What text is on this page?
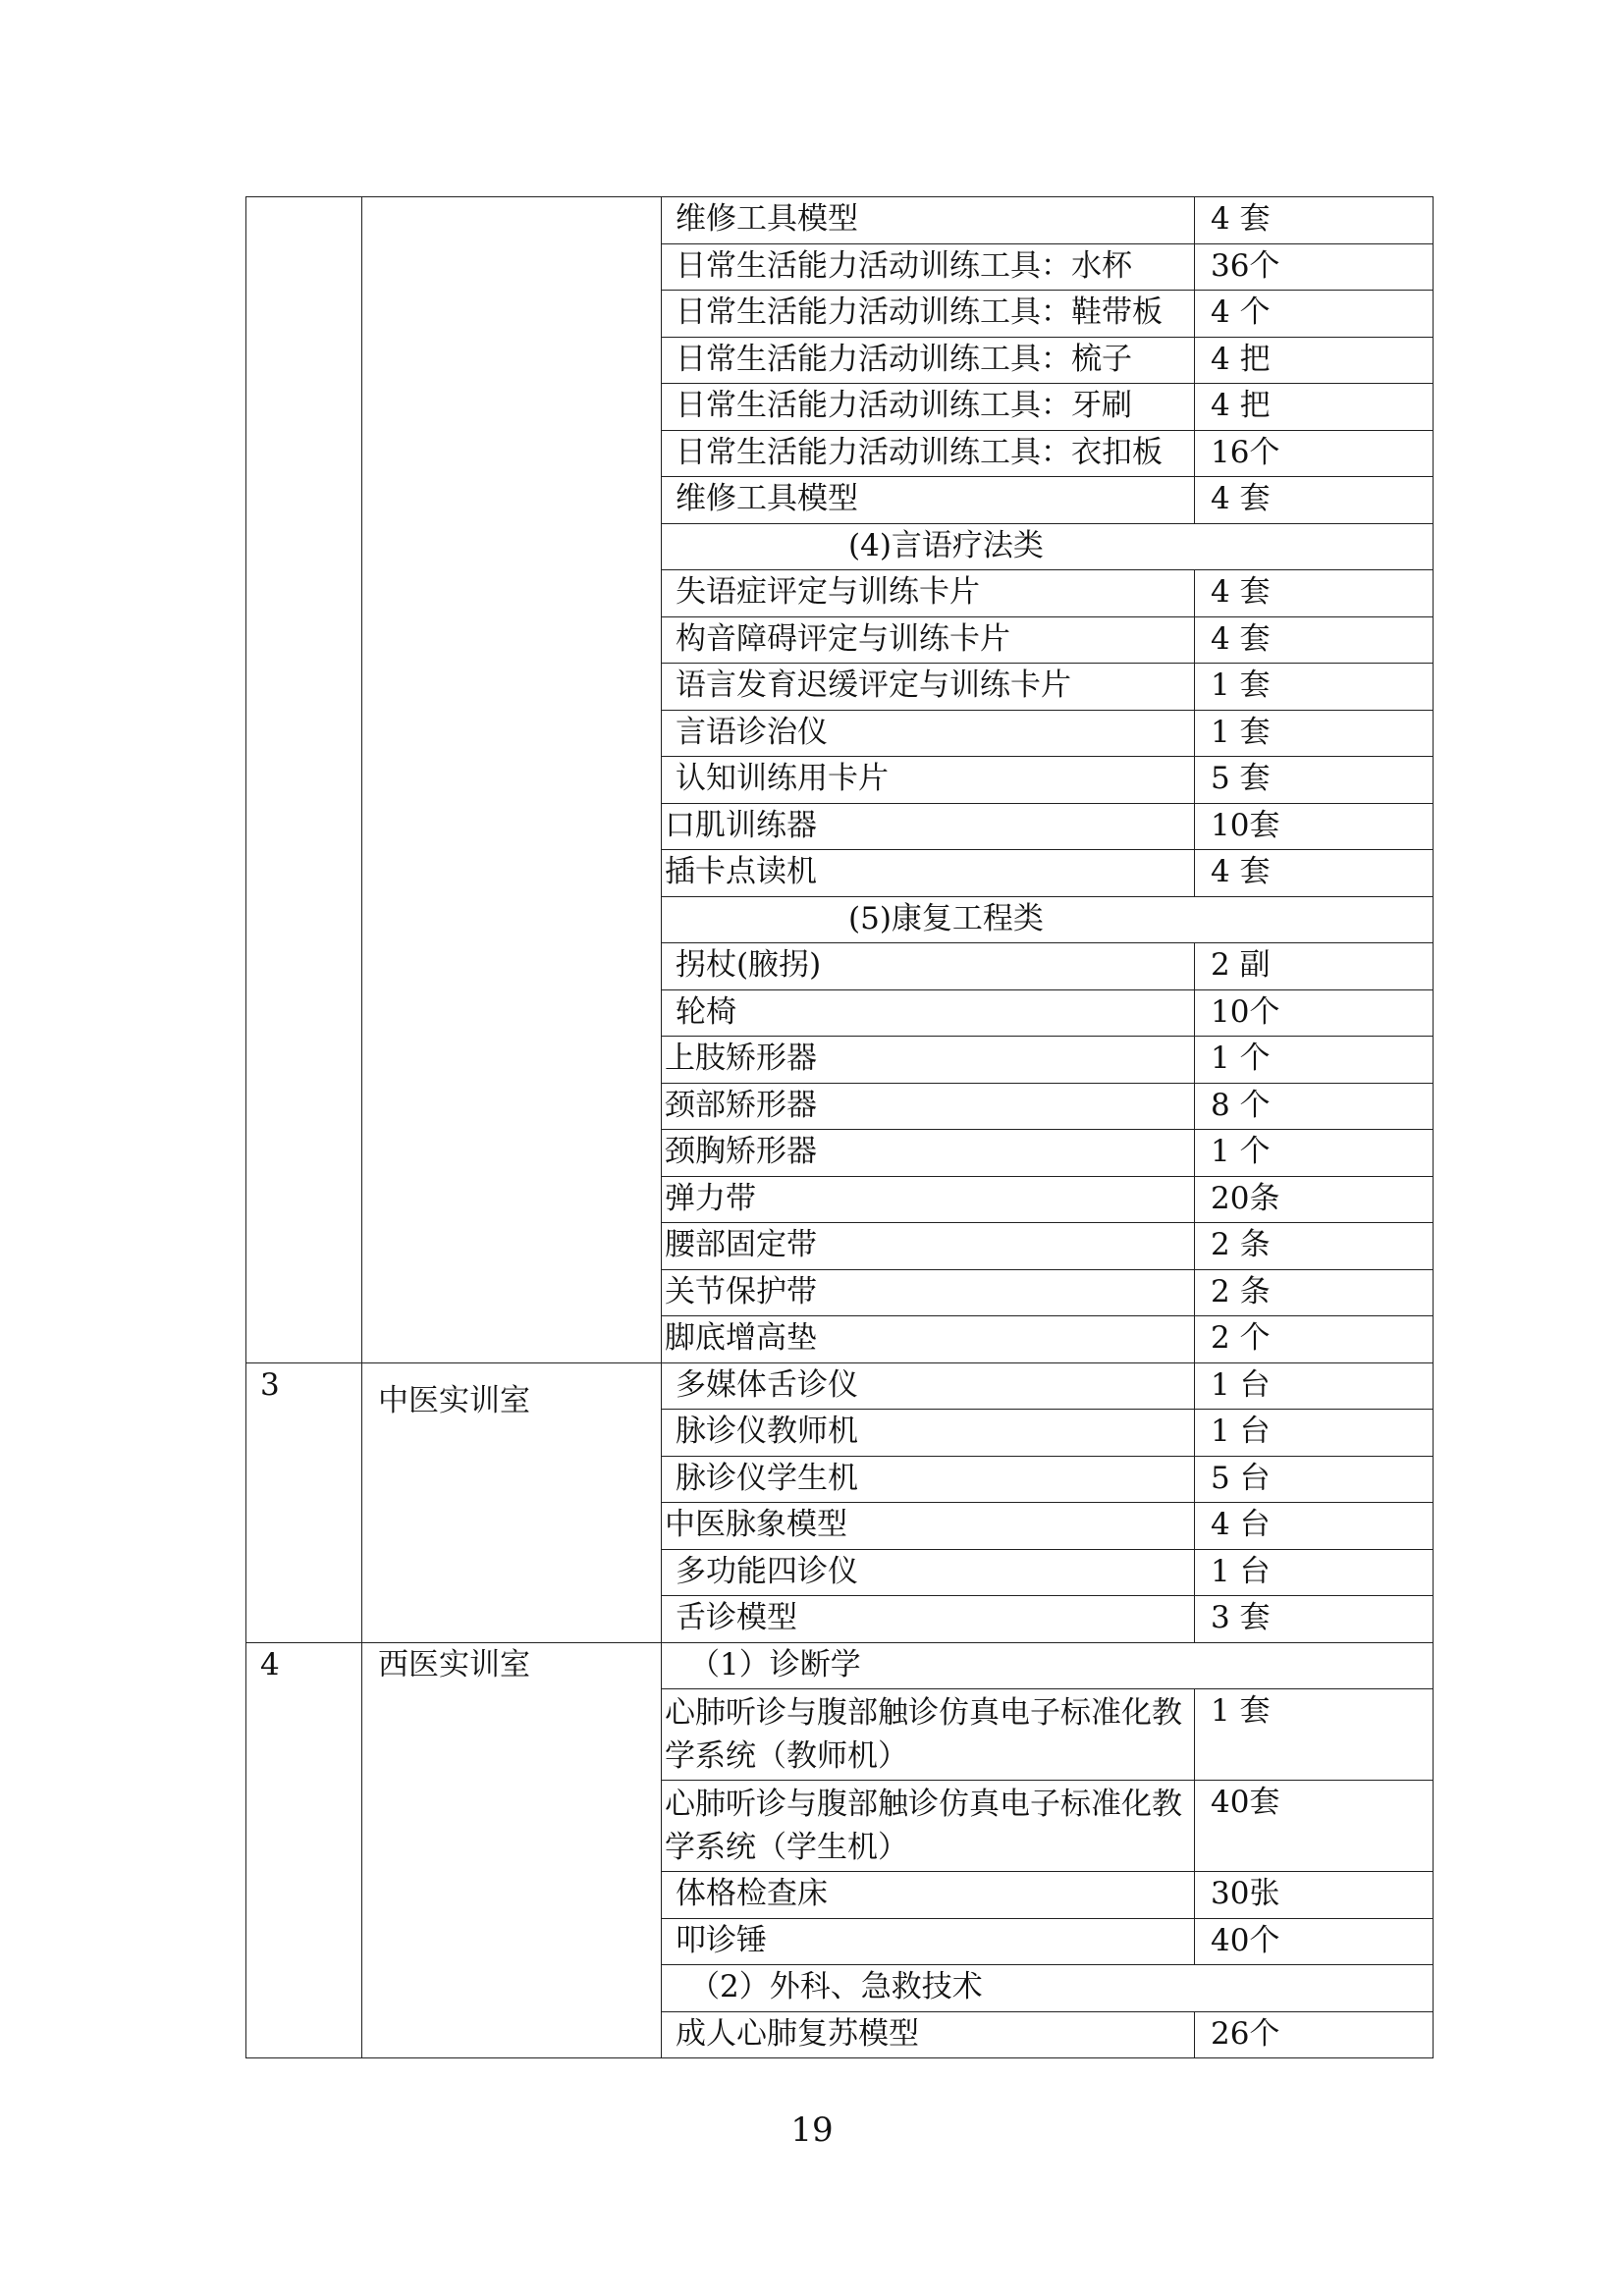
		维修工具模型	4 套
		日常生活能力活动训练工具：水杯	36个
		日常生活能力活动训练工具：鞋带板	4 个
		日常生活能力活动训练工具：梳子	4 把
		日常生活能力活动训练工具：牙刷	4 把
		日常生活能力活动训练工具：衣扣板	16个
		维修工具模型	4 套
		(4)言语疗法类	
		失语症评定与训练卡片	4 套
		构音障碍评定与训练卡片	4 套
		语言发育迟缓评定与训练卡片	1 套
		言语诊治仪	1 套
		认知训练用卡片	5 套
		口肌训练器	10套
		插卡点读机	4 套
		(5)康复工程类	
		拐杖(腋拐)	2 副
		轮椅	10个
		上肢矫形器	1 个
		颈部矫形器	8 个
		颈胸矫形器	1 个
		弹力带	20条
		腰部固定带	2 条
		关节保护带	2 条
		脚底增高垫	2 个
3	中医实训室	多媒体舌诊仪	1 台
		脉诊仪教师机	1 台
		脉诊仪学生机	5 台
		中医脉象模型	4 台
		多功能四诊仪	1 台
		舌诊模型	3 套
4	西医实训室	（1）诊断学	
		心肺听诊与腹部触诊仿真电子标准化教学系统（教师机）	1 套
		心肺听诊与腹部触诊仿真电子标准化教学系统（学生机）	40套
		体格检查床	30张
		叩诊锤	40个
		（2）外科、急救技术	
		成人心肺复苏模型	26个
19
